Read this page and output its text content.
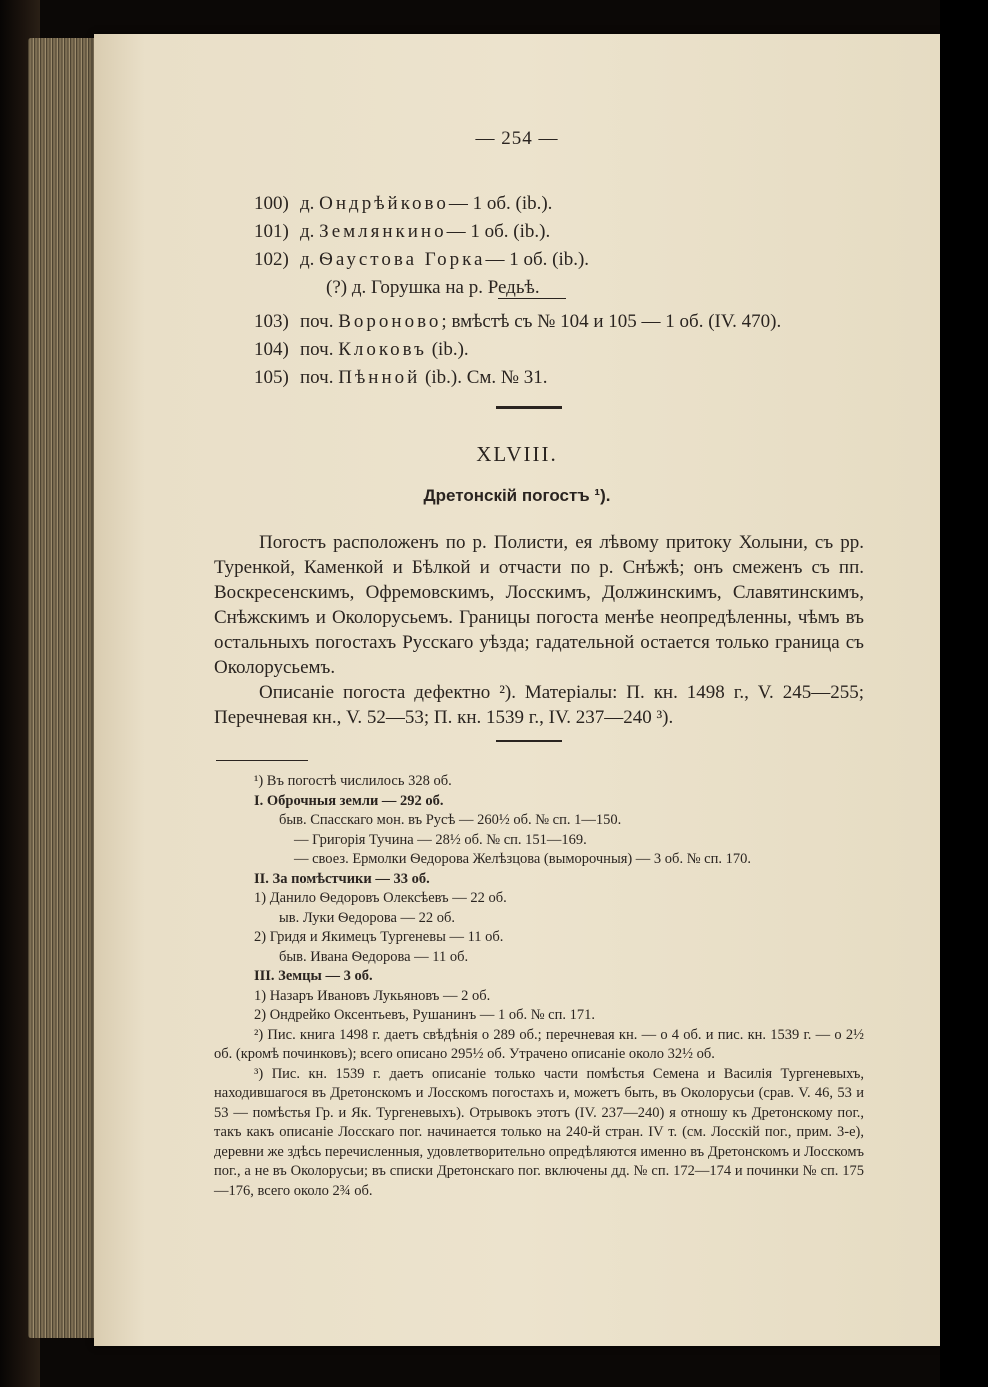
— 254 —
100) д. Ондрѣйково— 1 об. (ib.).
101) д. Землянкино— 1 об. (ib.).
102) д. Ѳаустова Горка— 1 об. (ib.).
(?) д. Горушка на р. Редьѣ.
103) поч. Вороново; вмѣстѣ съ № 104 и 105 — 1 об. (IV. 470).
104) поч. Клоковъ (ib.).
105) поч. Пѣнной (ib.). См. № 31.
XLVIII.
Дретонскій погостъ ¹).

Погостъ расположенъ по р. Полисти, ея лѣвому притоку Холыни, съ рр. Туренкой, Каменкой и Бѣлкой и отчасти по р. Снѣжѣ; онъ смеженъ съ пп. Воскресенскимъ, Офремовскимъ, Лосскимъ, Должинскимъ, Славятинскимъ, Снѣжскимъ и Околорусьемъ. Границы погоста менѣе неопредѣленны, чѣмъ въ остальныхъ погостахъ Русскаго уѣзда; гадательной остается только граница съ Околорусьемъ.

Описаніе погоста дефектно ²). Матеріалы: П. кн. 1498 г., V. 245—255; Перечневая кн., V. 52—53; П. кн. 1539 г., IV. 237—240 ³).

¹) Въ погостѣ числилось 328 об.
I. Оброчныя земли — 292 об.
быв. Спасскаго мон. въ Русѣ — 260½ об. № сп. 1—150.
— Григорія Тучина — 28½ об. № сп. 151—169.
— своез. Ермолки Ѳедорова Желѣзцова (выморочныя) — 3 об. № сп. 170.
II. За помѣстчики — 33 об.
1) Данило Ѳедоровъ Олексѣевъ — 22 об.
ыв. Луки Ѳедорова — 22 об.
2) Гридя и Якимецъ Тургеневы — 11 об.
быв. Ивана Ѳедорова — 11 об.
III. Земцы — 3 об.
1) Назаръ Ивановъ Лукьяновъ — 2 об.
2) Ондрейко Оксентьевъ, Рушанинъ — 1 об. № сп. 171.
²) Пис. книга 1498 г. даетъ свѣдѣнія о 289 об.; перечневая кн. — о 4 об. и пис. кн. 1539 г. — о 2½ об. (кромѣ починковъ); всего описано 295½ об. Утрачено описаніе около 32½ об.
³) Пис. кн. 1539 г. даетъ описаніе только части помѣстья Семена и Василія Тургеневыхъ, находившагося въ Дретонскомъ и Лосскомъ погостахъ и, можетъ быть, въ Околорусьи (срав. V. 46, 53 и 53 — помѣстья Гр. и Як. Тургеневыхъ). Отрывокъ этотъ (IV. 237—240) я отношу къ Дретонскому пог., такъ какъ описаніе Лосскаго пог. начинается только на 240-й стран. IV т. (см. Лосскій пог., прим. 3-е), деревни же здѣсь перечисленныя, удовлетворительно опредѣляются именно въ Дретонскомъ и Лосскомъ пог., а не въ Околорусьи; въ списки Дретонскаго пог. включены дд. № сп. 172—174 и починки № сп. 175—176, всего около 2¾ об.
